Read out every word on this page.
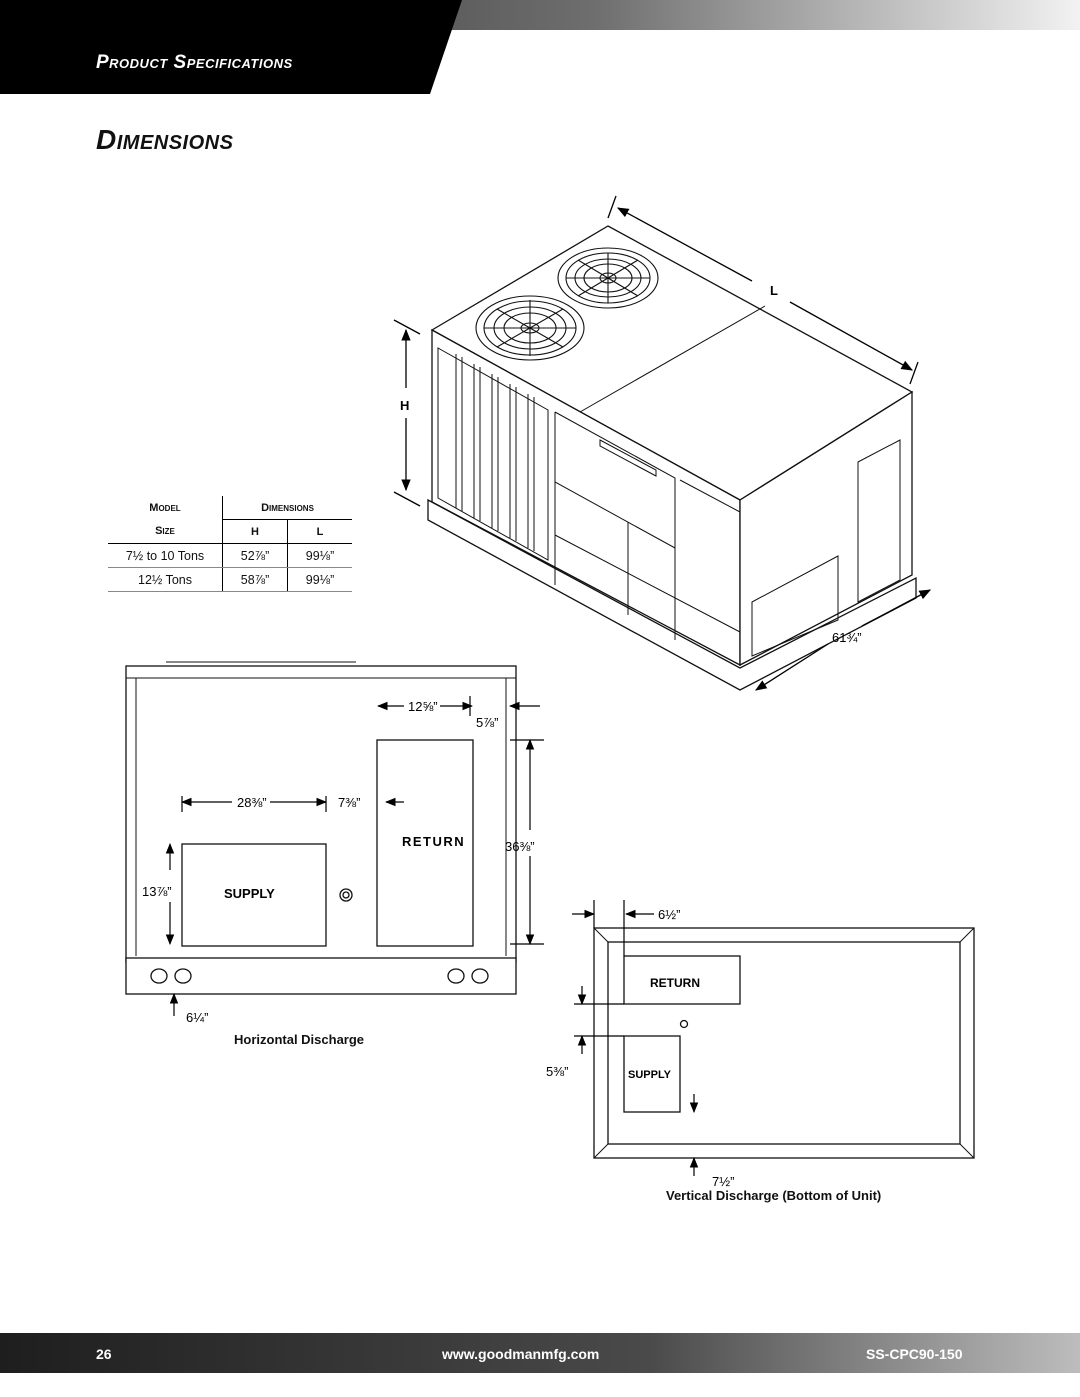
Product Specifications
Dimensions
Model	Dimensions	
Size	H	L
7½ to 10 Tons	52⅞”	99⅛”
12½ Tons	58⅞”	99⅛”
H
L
61¾”
12⅝”
5⅞”
28⅜”	7⅜”
36⅜”
13⅞”
6¼”
SUPPLY
RETURN
6½”
5⅜”
7½”
RETURN
SUPPLY
Horizontal Discharge
Vertical Discharge (Bottom of Unit)
26	www.goodmanmfg.com	SS-CPC90-150
